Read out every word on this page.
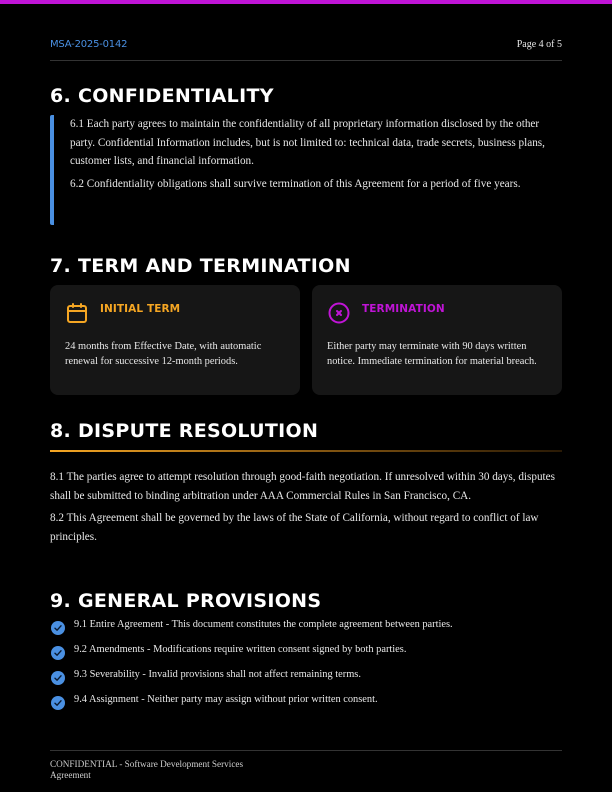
MSA-2025-0142	Page 4 of 5
6. CONFIDENTIALITY

6.1 Each party agrees to maintain the confidentiality of all proprietary information disclosed by the other party. Confidential Information includes, but is not limited to: technical data, trade secrets, business plans, customer lists, and financial information.

6.2 Confidentiality obligations shall survive termination of this Agreement for a period of five years.

7. TERM AND TERMINATION
INITIAL TERM

24 months from Effective Date, with automatic renewal for successive 12-month periods.

TERMINATION

Either party may terminate with 90 days written notice. Immediate termination for material breach.

8. DISPUTE RESOLUTION

8.1 The parties agree to attempt resolution through good-faith negotiation. If unresolved within 30 days, disputes shall be submitted to binding arbitration under AAA Commercial Rules in San Francisco, CA.

8.2 This Agreement shall be governed by the laws of the State of California, without regard to conflict of law principles.

9. GENERAL PROVISIONS
9.1 Entire Agreement - This document constitutes the complete agreement between parties.
9.2 Amendments - Modifications require written consent signed by both parties.
9.3 Severability - Invalid provisions shall not affect remaining terms.
9.4 Assignment - Neither party may assign without prior written consent.

CONFIDENTIAL - Software Development Services Agreement
